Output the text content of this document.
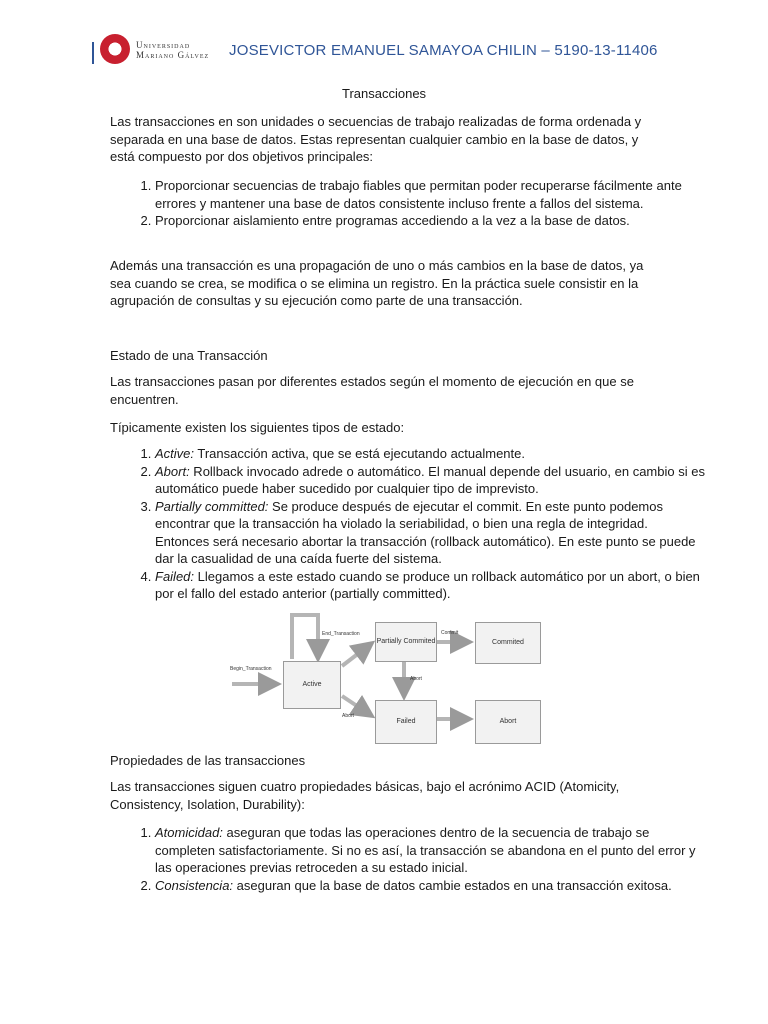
Universidad
Mariano Gálvez JOSEVICTOR EMANUEL SAMAYOA CHILIN – 5190-13-11406
Transacciones

Las transacciones en son unidades o secuencias de trabajo realizadas de forma ordenada y separada en una base de datos. Estas representan cualquier cambio en la base de datos, y está compuesto por dos objetivos principales:

1. Proporcionar secuencias de trabajo fiables que permitan poder recuperarse fácilmente ante errores y mantener una base de datos consistente incluso frente a fallos del sistema.
2. Proporcionar aislamiento entre programas accediendo a la vez a la base de datos.

Además una transacción es una propagación de uno o más cambios en la base de datos, ya sea cuando se crea, se modifica o se elimina un registro. En la práctica suele consistir en la agrupación de consultas y su ejecución como parte de una transacción.

Estado de una Transacción

Las transacciones pasan por diferentes estados según el momento de ejecución en que se encuentren.

Típicamente existen los siguientes tipos de estado:

1. Active: Transacción activa, que se está ejecutando actualmente.
2. Abort: Rollback invocado adrede o automático. El manual depende del usuario, en cambio si es automático puede haber sucedido por cualquier tipo de imprevisto.
3. Partially committed: Se produce después de ejecutar el commit. En este punto podemos encontrar que la transacción ha violado la seriabilidad, o bien una regla de integridad. Entonces será necesario abortar la transacción (rollback automático). En este punto se puede dar la casualidad de una caída fuerte del sistema.
4. Failed: Llegamos a este estado cuando se produce un rollback automático por un abort, o bien por el fallo del estado anterior (partially committed).
Propiedades de las transacciones

Las transacciones siguen cuatro propiedades básicas, bajo el acrónimo ACID (Atomicity, Consistency, Isolation, Durability):

1. Atomicidad: aseguran que todas las operaciones dentro de la secuencia de trabajo se completen satisfactoriamente. Si no es así, la transacción se abandona en el punto del error y las operaciones previas retroceden a su estado inicial.
2. Consistencia: aseguran que la base de datos cambie estados en una transacción exitosa.
Active
Partially Commited	Commited
Failed	Abort
Begin_Transaction
End_Transaction	Commit
Abort
Abort
